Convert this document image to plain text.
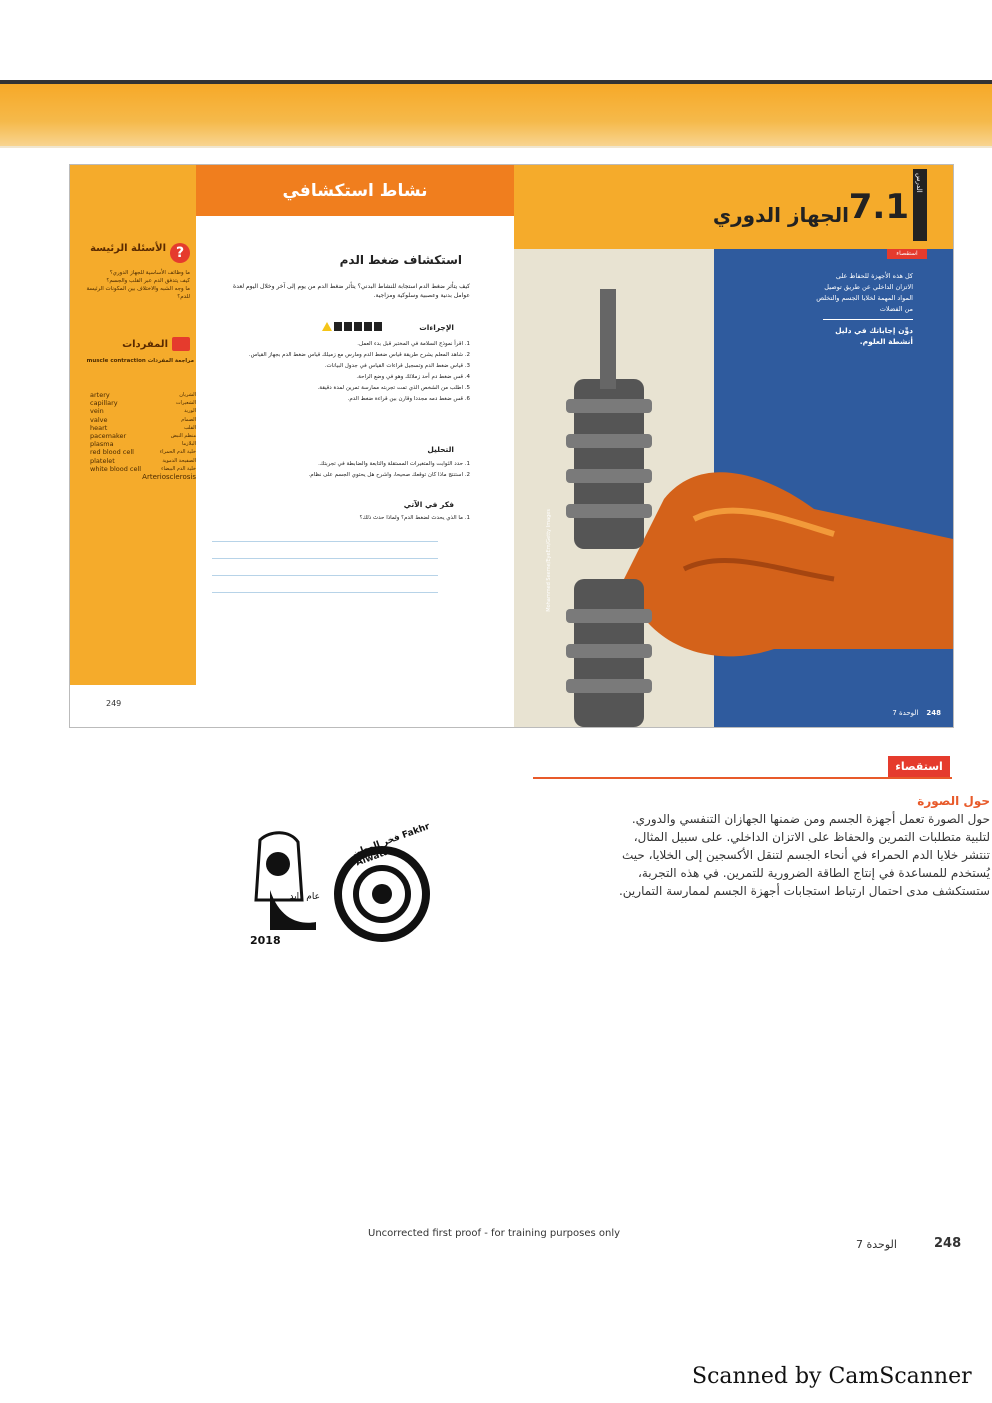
?
الأسئلة الرئيسة
ما وظائف الأساسية للجهاز الدوري؟
كيف يتدفق الدم عبر القلب والجسم؟
ما وجه الشبه والاختلاف بين المكونات الرئيسة للدم؟
المفردات
مراجعة المفردات muscle contraction
artery	الشريان
capillary	الشعيرات
vein	الوريد
valve	الصمام
heart	القلب
pacemaker	منظم النبض
plasma	البلازما
red blood cell	خلية الدم الحمراء
platelet	الصفيحة الدموية
white blood cell	خلية الدم البيضاء
Arteriosclerosis
249
نشاط استكشافي
استكشاف ضغط الدم
كيف يتأثر ضغط الدم استجابة للنشاط البدني؟ يتأثر ضغط الدم من يوم إلى آخر وخلال اليوم لعدة عوامل بدنية وعصبية وسلوكية ومزاجية.
الإجراءات
1. اقرأ نموذج السلامة في المختبر قبل بدء العمل.
2. شاهد المعلم يشرح طريقة قياس ضغط الدم ومارس مع زميلك قياس ضغط الدم بجهاز القياس.
3. قياس ضغط الدم وتسجيل قراءات القياس في جدول البيانات.
4. قس ضغط دم أحد زملائك وهو في وضع الراحة.
5. اطلب من الشخص الذي تمت تجربته ممارسة تمرين لمدة دقيقة.
6. قس ضغط دمه مجددا وقارن بين قراءة ضغط الدم.
التحليل
1. حدد الثوابت والمتغيرات المستقلة والتابعة والضابطة في تجربتك.
2. استنتج ماذا كان توقعك صحيحا، واشرح هل يحتوي الجسم على نظام.
فكر في الآتي
1. ما الذي يحدث لضغط الدم؟ ولماذا حدث ذلك؟
الدرس
7.1
الجهاز الدوري
استقصاء
كل هذه الأجهزة للحفاظ على
الاتزان الداخلي عن طريق توصيل
المواد المهمة لخلايا الجسم والتخلص
من الفضلات
دوِّن إجاباتك في دليل أنشطة العلوم.
Mohammed Seeme/EyeEm/Getty Images
الوحدة 7 248
استقصاء

حول الصورة

حول الصورة تعمل أجهزة الجسم ومن ضمنها الجهازان التنفسي والدوري.

لتلبية متطلبات التمرين والحفاظ على الاتزان الداخلي. على سبيل المثال،

تنتشر خلايا الدم الحمراء في أنحاء الجسم لتنقل الأكسجين إلى الخلايا، حيث

يُستخدم للمساعدة في إنتاج الطاقة الضرورية للتمرين. في هذه التجربة،

ستستكشف مدى احتمال ارتباط استجابات أجهزة الجسم لممارسة التمارين.

2018
عام زايد
فخر الوطن Fakhr Alwatan
Uncorrected first proof - for training purposes only
الوحدة 7	248
Scanned by CamScanner
